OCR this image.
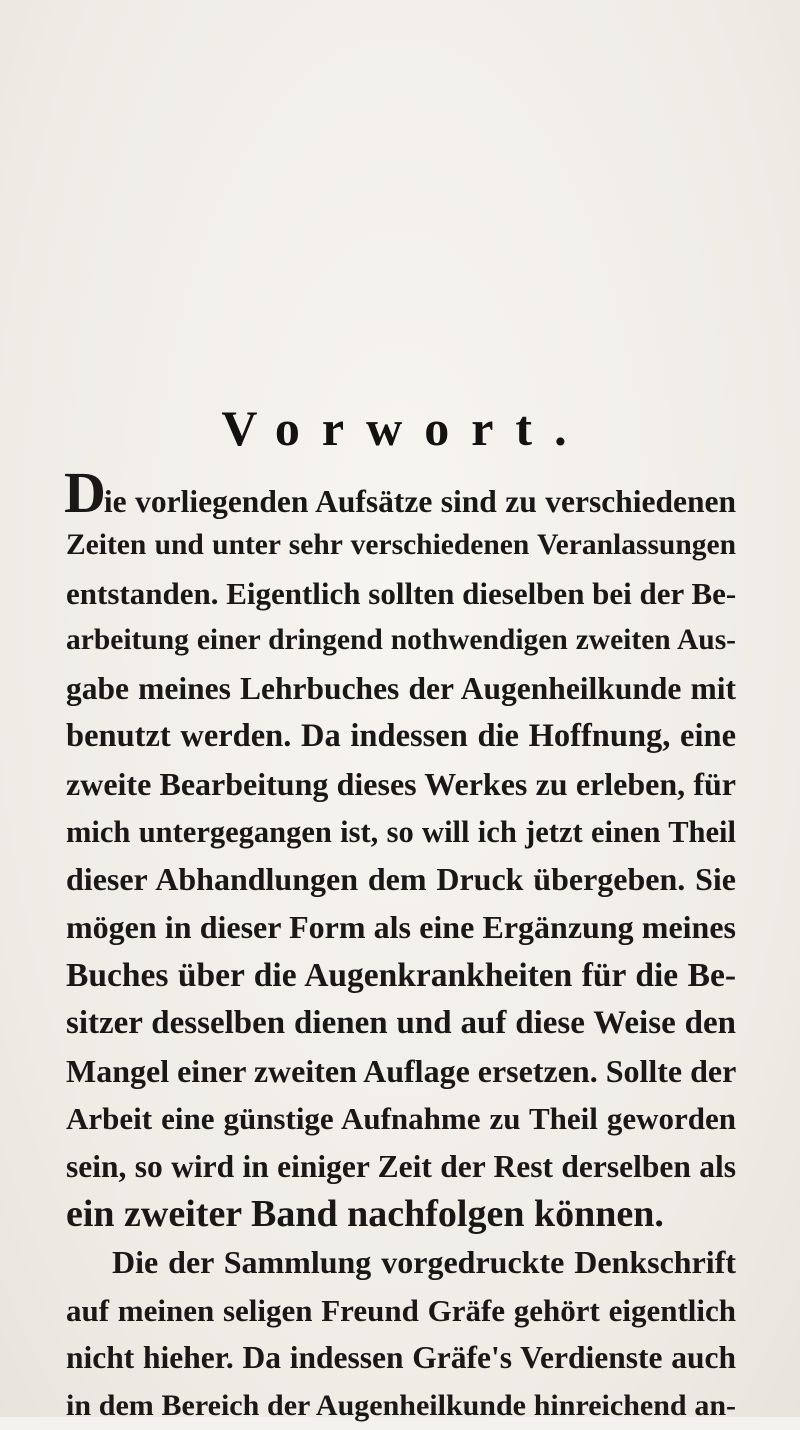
Vorwort.
Die vorliegenden Aufsätze sind zu verschiedenen
Zeiten und unter sehr verschiedenen Veranlassungen
entstanden. Eigentlich sollten dieselben bei der Be-
arbeitung einer dringend nothwendigen zweiten Aus-
gabe meines Lehrbuches der Augenheilkunde mit
benutzt werden. Da indessen die Hoffnung, eine
zweite Bearbeitung dieses Werkes zu erleben, für
mich untergegangen ist, so will ich jetzt einen Theil
dieser Abhandlungen dem Druck übergeben. Sie
mögen in dieser Form als eine Ergänzung meines
Buches über die Augenkrankheiten für die Be-
sitzer desselben dienen und auf diese Weise den
Mangel einer zweiten Auflage ersetzen. Sollte der
Arbeit eine günstige Aufnahme zu Theil geworden
sein, so wird in einiger Zeit der Rest derselben als
ein zweiter Band nachfolgen können.
Die der Sammlung vorgedruckte Denkschrift
auf meinen seligen Freund Gräfe gehört eigentlich
nicht hieher. Da indessen Gräfe's Verdienste auch
in dem Bereich der Augenheilkunde hinreichend an-
